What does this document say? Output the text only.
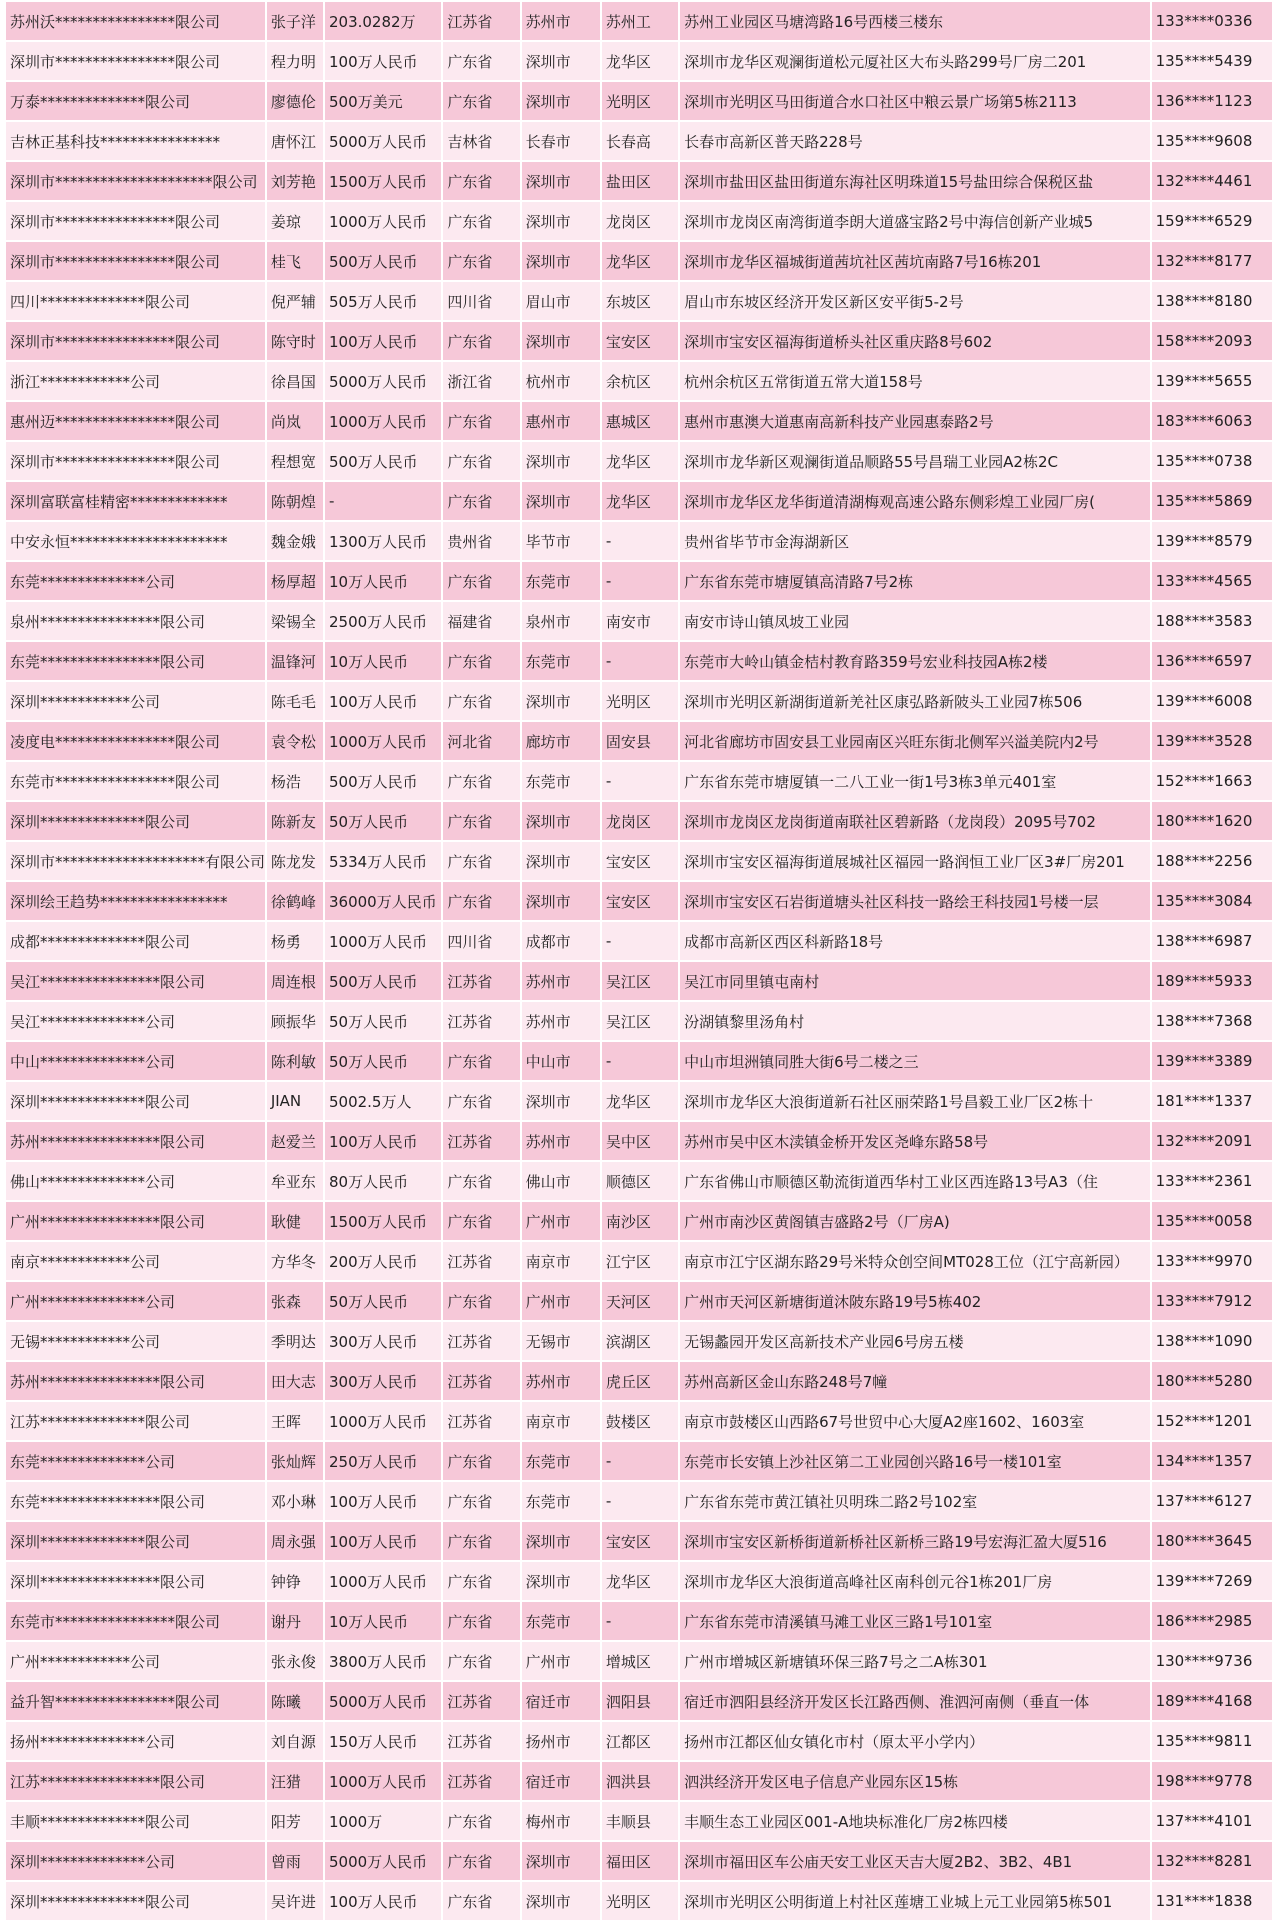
苏州沃****************限公司	张子洋	203.0282万	江苏省	苏州市	苏州工	苏州工业园区马塘湾路16号西楼三楼东	133****0336
深圳市****************限公司	程力明	100万人民币	广东省	深圳市	龙华区	深圳市龙华区观澜街道松元厦社区大布头路299号厂房二201	135****5439
万泰**************限公司	廖德伦	500万美元	广东省	深圳市	光明区	深圳市光明区马田街道合水口社区中粮云景广场第5栋2113	136****1123
吉林正基科技****************	唐怀江	5000万人民币	吉林省	长春市	长春高	长春市高新区普天路228号	135****9608
深圳市*********************限公司	刘芳艳	1500万人民币	广东省	深圳市	盐田区	深圳市盐田区盐田街道东海社区明珠道15号盐田综合保税区盐	132****4461
深圳市****************限公司	姜琼	1000万人民币	广东省	深圳市	龙岗区	深圳市龙岗区南湾街道李朗大道盛宝路2号中海信创新产业城5	159****6529
深圳市****************限公司	桂飞	500万人民币	广东省	深圳市	龙华区	深圳市龙华区福城街道茜坑社区茜坑南路7号16栋201	132****8177
四川**************限公司	倪严辅	505万人民币	四川省	眉山市	东坡区	眉山市东坡区经济开发区新区安平街5-2号	138****8180
深圳市****************限公司	陈守时	100万人民币	广东省	深圳市	宝安区	深圳市宝安区福海街道桥头社区重庆路8号602	158****2093
浙江************公司	徐昌国	5000万人民币	浙江省	杭州市	余杭区	杭州余杭区五常街道五常大道158号	139****5655
惠州迈****************限公司	尚岚	1000万人民币	广东省	惠州市	惠城区	惠州市惠澳大道惠南高新科技产业园惠泰路2号	183****6063
深圳市****************限公司	程想宽	500万人民币	广东省	深圳市	龙华区	深圳市龙华新区观澜街道品顺路55号昌瑞工业园A2栋2C	135****0738
深圳富联富桂精密*************	陈朝煌	-	广东省	深圳市	龙华区	深圳市龙华区龙华街道清湖梅观高速公路东侧彩煌工业园厂房(	135****5869
中安永恒*********************	魏金娥	1300万人民币	贵州省	毕节市	-	贵州省毕节市金海湖新区	139****8579
东莞**************公司	杨厚超	10万人民币	广东省	东莞市	-	广东省东莞市塘厦镇高清路7号2栋	133****4565
泉州****************限公司	梁锡全	2500万人民币	福建省	泉州市	南安市	南安市诗山镇凤坡工业园	188****3583
东莞****************限公司	温锋河	10万人民币	广东省	东莞市	-	东莞市大岭山镇金桔村教育路359号宏业科技园A栋2楼	136****6597
深圳************公司	陈毛毛	100万人民币	广东省	深圳市	光明区	深圳市光明区新湖街道新羌社区康弘路新陂头工业园7栋506	139****6008
凌度电****************限公司	袁令松	1000万人民币	河北省	廊坊市	固安县	河北省廊坊市固安县工业园南区兴旺东街北侧军兴溢美院内2号	139****3528
东莞市****************限公司	杨浩	500万人民币	广东省	东莞市	-	广东省东莞市塘厦镇一二八工业一街1号3栋3单元401室	152****1663
深圳**************限公司	陈新友	50万人民币	广东省	深圳市	龙岗区	深圳市龙岗区龙岗街道南联社区碧新路（龙岗段）2095号702	180****1620
深圳市********************有限公司	陈龙发	5334万人民币	广东省	深圳市	宝安区	深圳市宝安区福海街道展城社区福园一路润恒工业厂区3#厂房201	188****2256
深圳绘王趋势*****************	徐鹤峰	36000万人民币	广东省	深圳市	宝安区	深圳市宝安区石岩街道塘头社区科技一路绘王科技园1号楼一层	135****3084
成都**************限公司	杨勇	1000万人民币	四川省	成都市	-	成都市高新区西区科新路18号	138****6987
吴江****************限公司	周连根	500万人民币	江苏省	苏州市	吴江区	吴江市同里镇屯南村	189****5933
吴江**************公司	顾振华	50万人民币	江苏省	苏州市	吴江区	汾湖镇黎里汤角村	138****7368
中山**************公司	陈利敏	50万人民币	广东省	中山市	-	中山市坦洲镇同胜大街6号二楼之三	139****3389
深圳**************限公司	JIAN	5002.5万人	广东省	深圳市	龙华区	深圳市龙华区大浪街道新石社区丽荣路1号昌毅工业厂区2栋十	181****1337
苏州****************限公司	赵爱兰	100万人民币	江苏省	苏州市	吴中区	苏州市吴中区木渎镇金桥开发区尧峰东路58号	132****2091
佛山**************公司	牟亚东	80万人民币	广东省	佛山市	顺德区	广东省佛山市顺德区勒流街道西华村工业区西连路13号A3（住	133****2361
广州****************限公司	耿健	1500万人民币	广东省	广州市	南沙区	广州市南沙区黄阁镇吉盛路2号（厂房A)	135****0058
南京************公司	方华冬	200万人民币	江苏省	南京市	江宁区	南京市江宁区湖东路29号米特众创空间MT028工位（江宁高新园）	133****9970
广州**************公司	张森	50万人民币	广东省	广州市	天河区	广州市天河区新塘街道沐陂东路19号5栋402	133****7912
无锡************公司	季明达	300万人民币	江苏省	无锡市	滨湖区	无锡蠡园开发区高新技术产业园6号房五楼	138****1090
苏州****************限公司	田大志	300万人民币	江苏省	苏州市	虎丘区	苏州高新区金山东路248号7幢	180****5280
江苏**************限公司	王晖	1000万人民币	江苏省	南京市	鼓楼区	南京市鼓楼区山西路67号世贸中心大厦A2座1602、1603室	152****1201
东莞**************公司	张灿辉	250万人民币	广东省	东莞市	-	东莞市长安镇上沙社区第二工业园创兴路16号一楼101室	134****1357
东莞****************限公司	邓小琳	100万人民币	广东省	东莞市	-	广东省东莞市黄江镇社贝明珠二路2号102室	137****6127
深圳**************限公司	周永强	100万人民币	广东省	深圳市	宝安区	深圳市宝安区新桥街道新桥社区新桥三路19号宏海汇盈大厦516	180****3645
深圳****************限公司	钟铮	1000万人民币	广东省	深圳市	龙华区	深圳市龙华区大浪街道高峰社区南科创元谷1栋201厂房	139****7269
东莞市****************限公司	谢丹	10万人民币	广东省	东莞市	-	广东省东莞市清溪镇马滩工业区三路1号101室	186****2985
广州************公司	张永俊	3800万人民币	广东省	广州市	增城区	广州市增城区新塘镇环保三路7号之二A栋301	130****9736
益升智****************限公司	陈曦	5000万人民币	江苏省	宿迁市	泗阳县	宿迁市泗阳县经济开发区长江路西侧、淮泗河南侧（垂直一体	189****4168
扬州**************公司	刘自源	150万人民币	江苏省	扬州市	江都区	扬州市江都区仙女镇化市村（原太平小学内）	135****9811
江苏****************限公司	汪猎	1000万人民币	江苏省	宿迁市	泗洪县	泗洪经济开发区电子信息产业园东区15栋	198****9778
丰顺**************限公司	阳芳	1000万	广东省	梅州市	丰顺县	丰顺生态工业园区001-A地块标准化厂房2栋四楼	137****4101
深圳**************公司	曾雨	5000万人民币	广东省	深圳市	福田区	深圳市福田区车公庙天安工业区天吉大厦2B2、3B2、4B1	132****8281
深圳**************限公司	吴许进	100万人民币	广东省	深圳市	光明区	深圳市光明区公明街道上村社区莲塘工业城上元工业园第5栋501	131****1838
